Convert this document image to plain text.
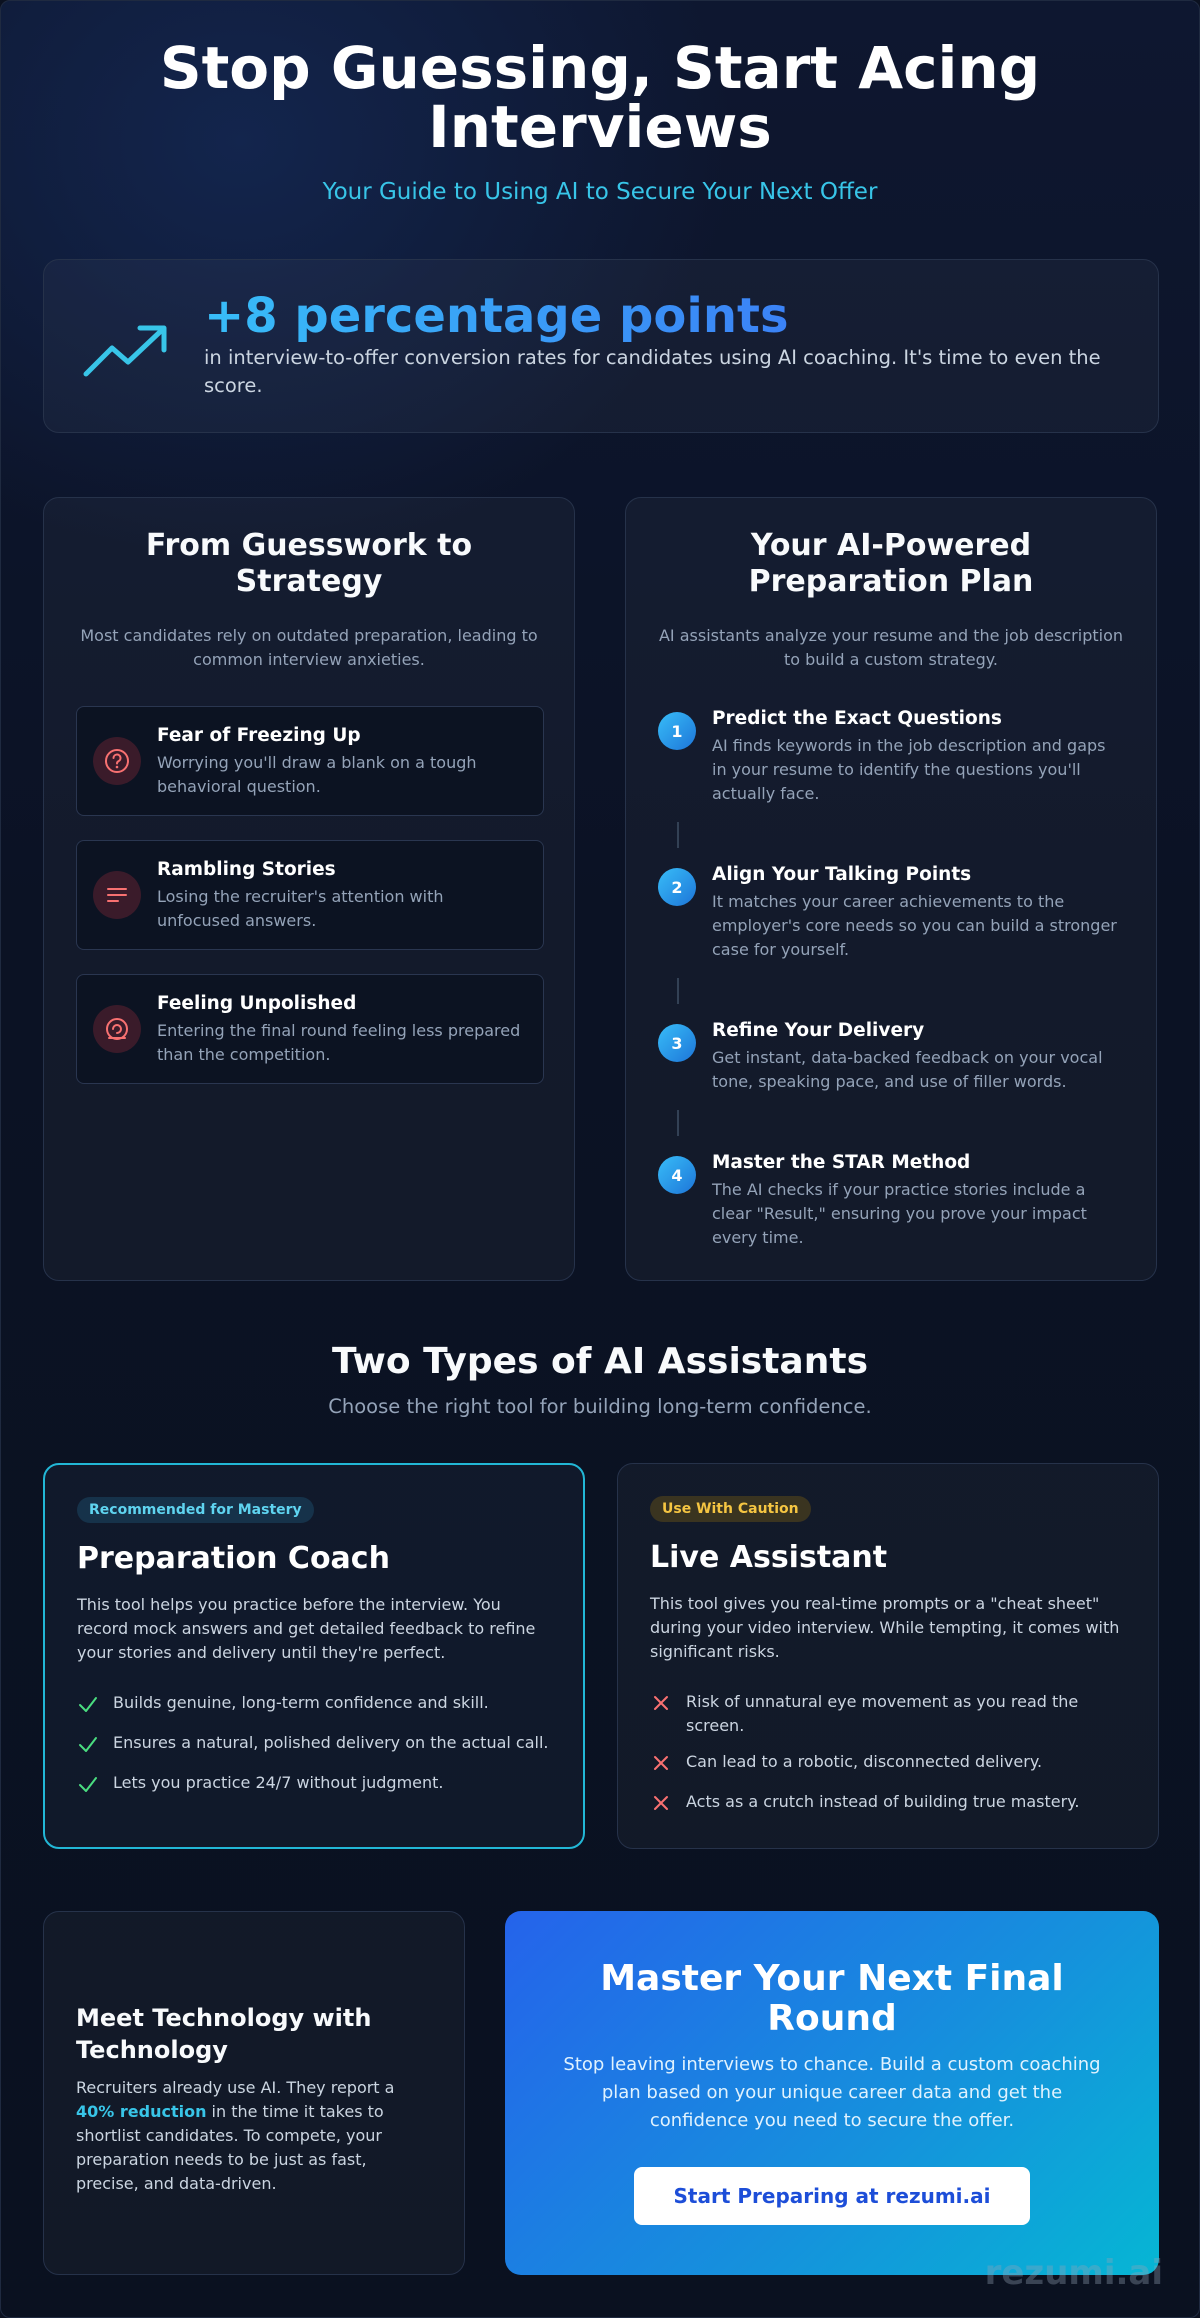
Stop Guessing, Start Acing Interviews
Your Guide to Using AI to Secure Your Next Offer
+8 percentage points
in interview-to-offer conversion rates for candidates using AI coaching. It's time to even the score.
From Guesswork to Strategy
Most candidates rely on outdated preparation, leading to common interview anxieties.
Fear of Freezing Up
Worrying you'll draw a blank on a tough behavioral question.
Rambling Stories
Losing the recruiter's attention with unfocused answers.
Feeling Unpolished
Entering the final round feeling less prepared than the competition.
Your AI-Powered Preparation Plan
AI assistants analyze your resume and the job description to build a custom strategy.
1
Predict the Exact Questions
AI finds keywords in the job description and gaps in your resume to identify the questions you'll actually face.
2
Align Your Talking Points
It matches your career achievements to the employer's core needs so you can build a stronger case for yourself.
3
Refine Your Delivery
Get instant, data-backed feedback on your vocal tone, speaking pace, and use of filler words.
4
Master the STAR Method
The AI checks if your practice stories include a clear "Result," ensuring you prove your impact every time.
Two Types of AI Assistants
Choose the right tool for building long-term confidence.
Recommended for Mastery
Preparation Coach
This tool helps you practice before the interview. You record mock answers and get detailed feedback to refine your stories and delivery until they're perfect.
Builds genuine, long-term confidence and skill.
Ensures a natural, polished delivery on the actual call.
Lets you practice 24/7 without judgment.
Use With Caution
Live Assistant
This tool gives you real-time prompts or a "cheat sheet" during your video interview. While tempting, it comes with significant risks.
Risk of unnatural eye movement as you read the screen.
Can lead to a robotic, disconnected delivery.
Acts as a crutch instead of building true mastery.
Meet Technology with Technology
Recruiters already use AI. They report a 40% reduction in the time it takes to shortlist candidates. To compete, your preparation needs to be just as fast, precise, and data-driven.
Master Your Next Final Round
Stop leaving interviews to chance. Build a custom coaching plan based on your unique career data and get the confidence you need to secure the offer.
Start Preparing at rezumi.ai
rezumi.ai
